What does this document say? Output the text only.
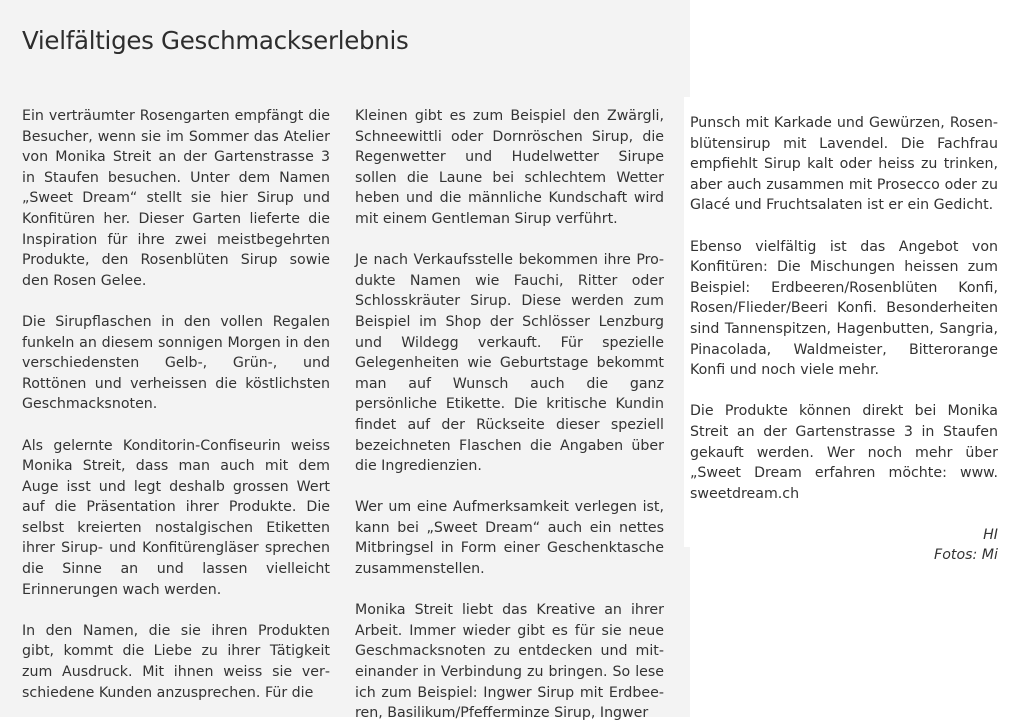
Vielfältiges Geschmackserlebnis

Ein verträumter Rosengarten empfängt die Besucher, wenn sie im Sommer das Atelier von Monika Streit an der Gartenstrasse 3 in Staufen besuchen. Unter dem Namen „Sweet Dream“ stellt sie hier Sirup und Konfitüren her. Dieser Garten lieferte die Inspiration für ihre zwei meistbegehrten Produkte, den Rosenblüten Sirup sowie den Rosen Gelee.

Die Sirupflaschen in den vollen Regalen funkeln an diesem sonnigen Morgen in den verschiedensten Gelb-, Grün-, und Rottönen und verheissen die köstlichsten Geschmacksnoten.

Als gelernte Konditorin-Confiseurin weiss Monika Streit, dass man auch mit dem Auge isst und legt deshalb grossen Wert auf die Präsentation ihrer Produkte. Die selbst kreierten nostalgischen Etiketten ihrer Sirup- und Konfitürengläser sprechen die Sinne an und lassen vielleicht Erinnerungen wach werden.

In den Namen, die sie ihren Produkten gibt, kommt die Liebe zu ihrer Tätigkeit zum Ausdruck. Mit ihnen weiss sie verschiedene Kunden anzusprechen. Für die

Kleinen gibt es zum Beispiel den Zwärgli, Schneewittli oder Dornröschen Sirup, die Regenwetter und Hudelwetter Sirupe sollen die Laune bei schlechtem Wetter heben und die männliche Kundschaft wird mit einem Gentleman Sirup verführt.

Je nach Verkaufsstelle bekommen ihre Produkte Namen wie Fauchi, Ritter oder Schlosskräuter Sirup. Diese werden zum Beispiel im Shop der Schlösser Lenzburg und Wildegg verkauft. Für spezielle Gelegenheiten wie Geburtstage bekommt man auf Wunsch auch die ganz persönliche Etikette. Die kritische Kundin findet auf der Rückseite dieser speziell bezeichneten Flaschen die Angaben über die Ingredienzien.

Wer um eine Aufmerksamkeit verlegen ist, kann bei „Sweet Dream“ auch ein nettes Mitbringsel in Form einer Geschenktasche zusammenstellen.

Monika Streit liebt das Kreative an ihrer Arbeit. Immer wieder gibt es für sie neue Geschmacksnoten zu entdecken und miteinander in Verbindung zu bringen. So lese ich zum Beispiel: Ingwer Sirup mit Erdbeeren, Basilikum/Pfefferminze Sirup, Ingwer

Punsch mit Karkade und Gewürzen, Rosenblütensirup mit Lavendel. Die Fachfrau empfiehlt Sirup kalt oder heiss zu trinken, aber auch zusammen mit Prosecco oder zu Glacé und Fruchtsalaten ist er ein Gedicht.

Ebenso vielfältig ist das Angebot von Konfitüren: Die Mischungen heissen zum Beispiel: Erdbeeren/Rosenblüten Konfi, Rosen/Flieder/Beeri Konfi. Besonderheiten sind Tannenspitzen, Hagenbutten, Sangria, Pinacolada, Waldmeister, Bitterorange Konfi und noch viele mehr.

Die Produkte können direkt bei Monika Streit an der Gartenstrasse 3 in Staufen gekauft werden. Wer noch mehr über „Sweet Dream erfahren möchte: www. sweetdream.ch

HI
Fotos: Mi
